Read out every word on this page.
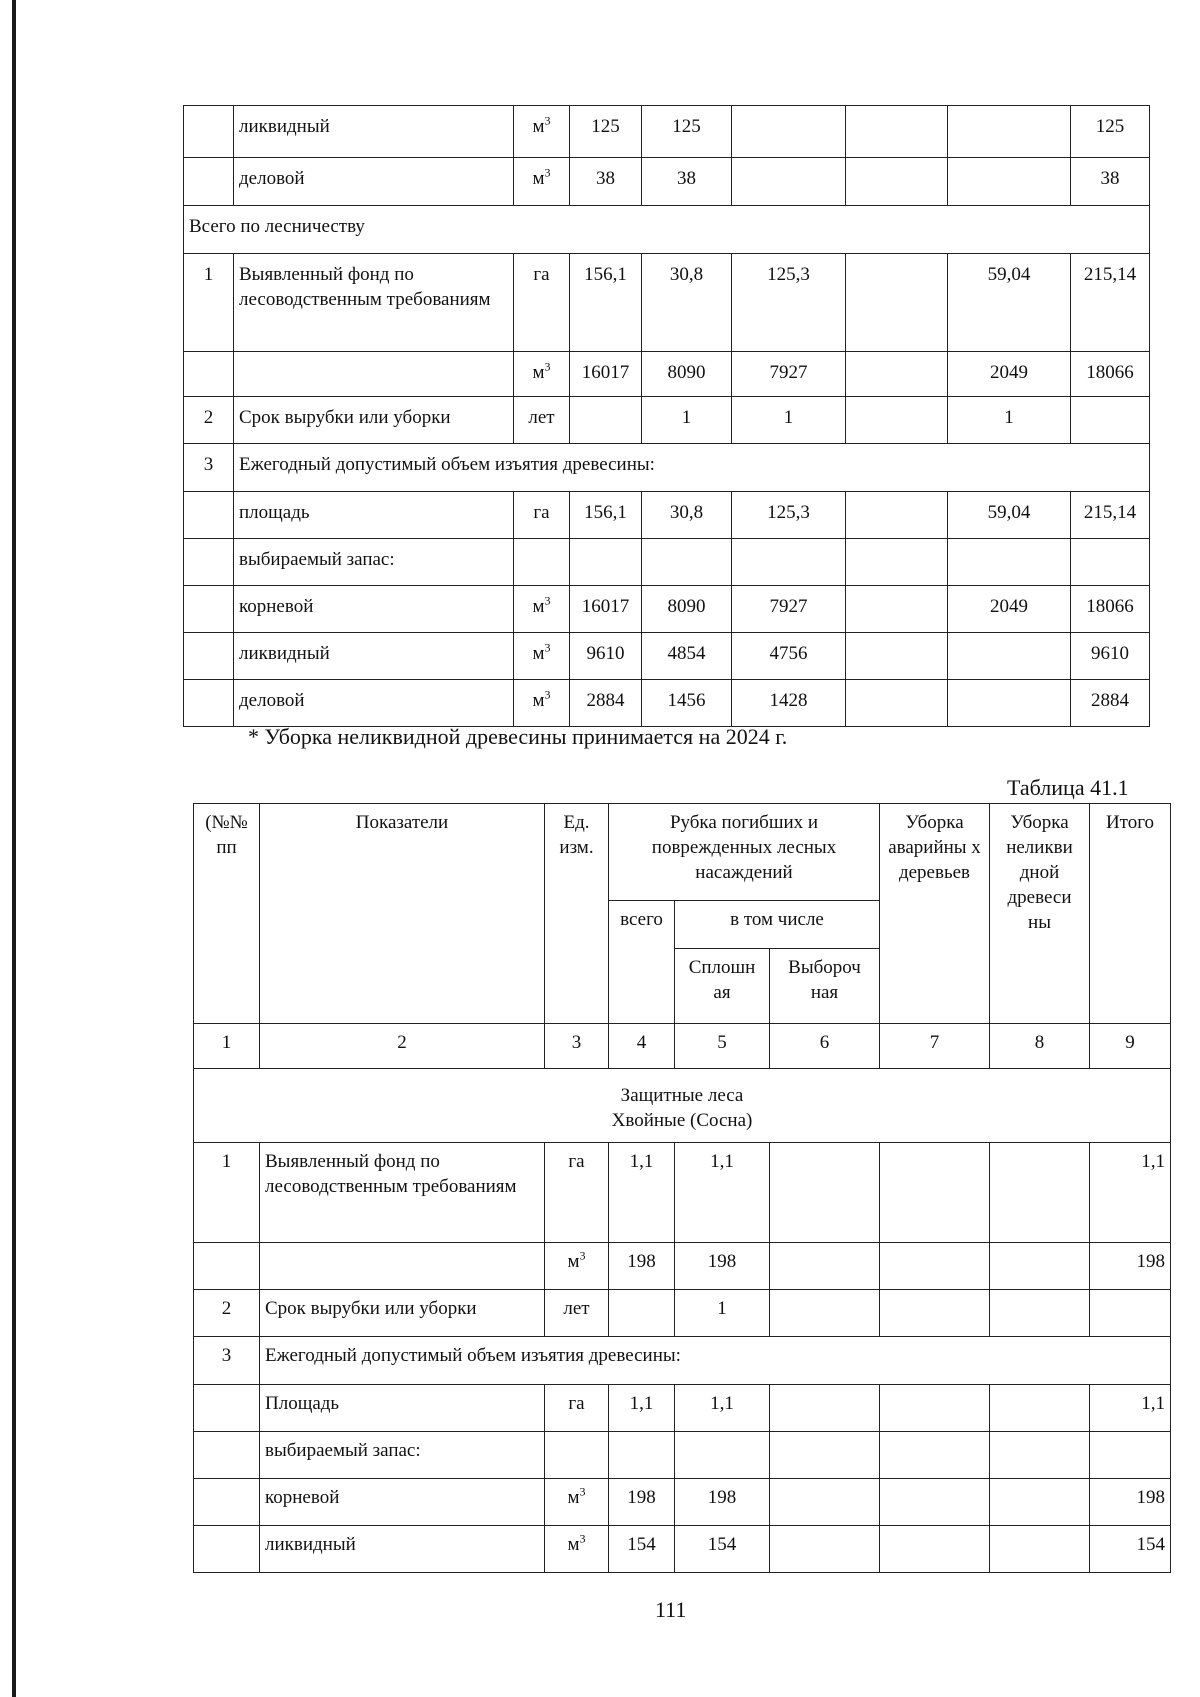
	ликвидный	$м^3$	125	125				125
	деловой	$м^3$	38	38				38
Всего по лесничеству								
1	Выявленный фонд по лесоводственным требованиям	га	156,1	30,8	125,3		59,04	215,14
		$м^3$	16017	8090	7927		2049	18066
2	Срок вырубки или уборки	лет		1	1		1	
3	Ежегодный допустимый объем изъятия древесины:							
	площадь	га	156,1	30,8	125,3		59,04	215,14
	выбираемый запас:							
	корневой	$м^3$	16017	8090	7927		2049	18066
	ликвидный	$м^3$	9610	4854	4756			9610
	деловой	$м^3$	2884	1456	1428			2884
* Уборка неликвидной древесины принимается на 2024 г.
Таблица 41.1
(№№ пп	Показатели	Ед. изм.	Рубка погибших и поврежденных лесных насаждений			Уборка аварийны х деревьев	Уборка неликви дной древеси ны	Итого
			всего	в том числе				
				Сплошн ая	Выбороч ная			
1	2	3	4	5	6	7	8	9

Защитные леса
Хвойные (Сосна)								

1	Выявленный фонд по лесоводственным требованиям	га	1,1	1,1				1,1
		$м^3$	198	198				198
2	Срок вырубки или уборки	лет		1				
3	Ежегодный допустимый объем изъятия древесины:							
	Площадь	га	1,1	1,1				1,1
	выбираемый запас:							
	корневой	$м^3$	198	198				198
	ликвидный	$м^3$	154	154				154
111
